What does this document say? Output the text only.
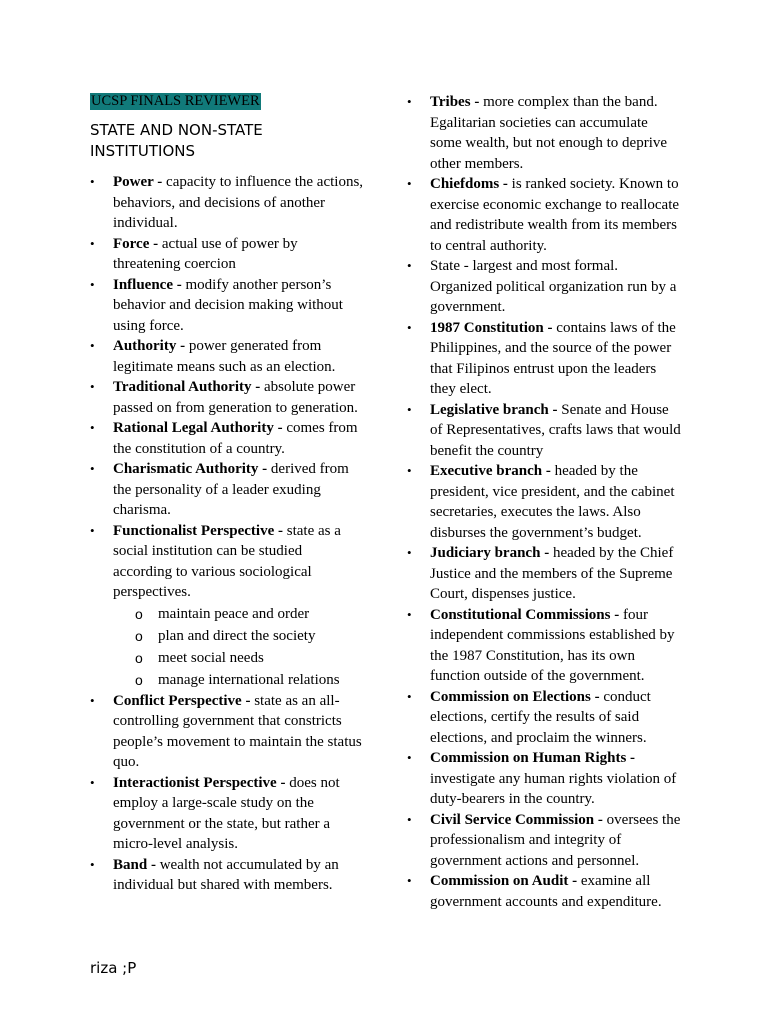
UCSP FINALS REVIEWER
STATE AND NON-STATE INSTITUTIONS
• Power - capacity to influence the actions, behaviors, and decisions of another individual.
• Force - actual use of power by threatening coercion
• Influence - modify another person’s behavior and decision making without using force.
• Authority - power generated from legitimate means such as an election.
• Traditional Authority - absolute power passed on from generation to generation.
• Rational Legal Authority - comes from the constitution of a country.
• Charismatic Authority - derived from the personality of a leader exuding charisma.
• Functionalist Perspective - state as a social institution can be studied according to various sociological perspectives.
o maintain peace and order
o plan and direct the society
o meet social needs
o manage international relations
• Conflict Perspective - state as an all-controlling government that constricts people’s movement to maintain the status quo.
• Interactionist Perspective - does not employ a large-scale study on the government or the state, but rather a micro-level analysis.
• Band - wealth not accumulated by an individual but shared with members.
• Tribes - more complex than the band. Egalitarian societies can accumulate some wealth, but not enough to deprive other members.
• Chiefdoms - is ranked society. Known to exercise economic exchange to reallocate and redistribute wealth from its members to central authority.
• State - largest and most formal. Organized political organization run by a government.
• 1987 Constitution - contains laws of the Philippines, and the source of the power that Filipinos entrust upon the leaders they elect.
• Legislative branch - Senate and House of Representatives, crafts laws that would benefit the country
• Executive branch - headed by the president, vice president, and the cabinet secretaries, executes the laws. Also disburses the government’s budget.
• Judiciary branch - headed by the Chief Justice and the members of the Supreme Court, dispenses justice.
• Constitutional Commissions - four independent commissions established by the 1987 Constitution, has its own function outside of the government.
• Commission on Elections - conduct elections, certify the results of said elections, and proclaim the winners.
• Commission on Human Rights - investigate any human rights violation of duty-bearers in the country.
• Civil Service Commission - oversees the professionalism and integrity of government actions and personnel.
• Commission on Audit - examine all government accounts and expenditure.
riza ;P
